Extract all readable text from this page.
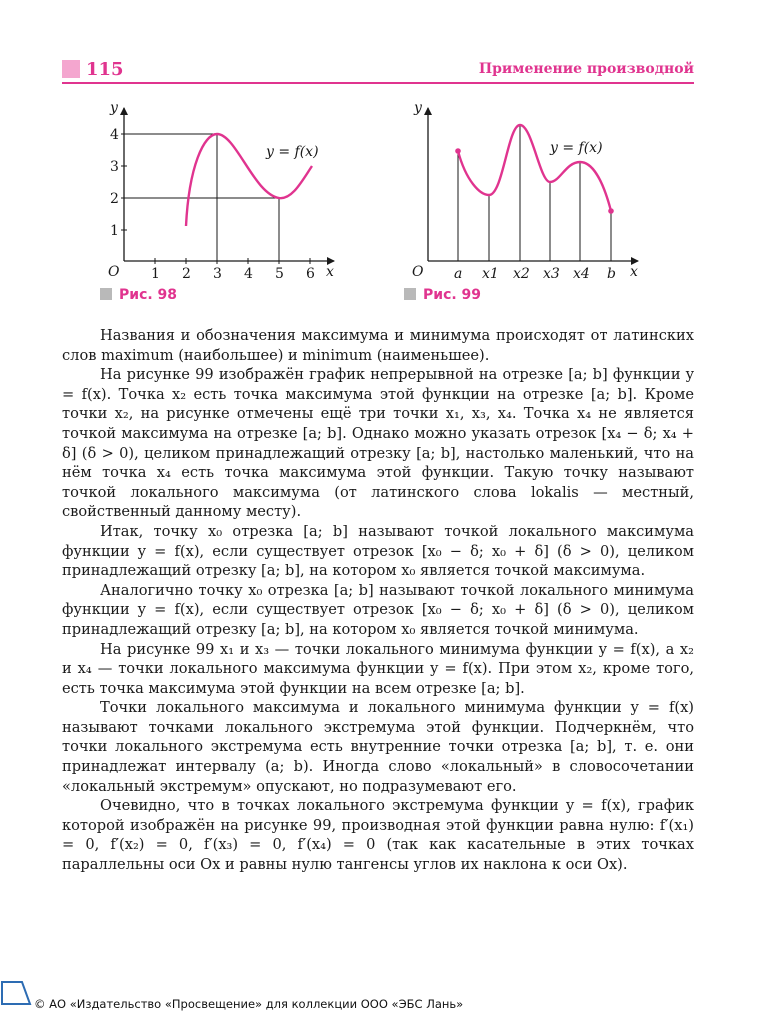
115	Применение производной
y
x
O 1 2 3 4 5 6
1
2
3
4
y = f(x)
Рис. 98
y
x
O a x1 x2 x3 x4 b
y = f(x)
Рис. 99

Названия и обозначения максимума и минимума происходят от латинских слов maximum (наибольшее) и minimum (наименьшее).

На рисунке 99 изображён график непрерывной на отрезке [a; b] функции y = f(x). Точка x₂ есть точка максимума этой функции на отрезке [a; b]. Кроме точки x₂, на рисунке отмечены ещё три точки x₁, x₃, x₄. Точка x₄ не является точкой максимума на отрезке [a; b]. Однако можно указать отрезок [x₄ − δ; x₄ + δ] (δ > 0), целиком принадлежащий отрезку [a; b], настолько маленький, что на нём точка x₄ есть точка максимума этой функции. Такую точку называют точкой локального максимума (от латинского слова lokalis — местный, свойственный данному месту).

Итак, точку x₀ отрезка [a; b] называют точкой локального максимума функции y = f(x), если существует отрезок [x₀ − δ; x₀ + δ] (δ > 0), целиком принадлежащий отрезку [a; b], на котором x₀ является точкой максимума.

Аналогично точку x₀ отрезка [a; b] называют точкой локального минимума функции y = f(x), если существует отрезок [x₀ − δ; x₀ + δ] (δ > 0), целиком принадлежащий отрезку [a; b], на котором x₀ является точкой минимума.

На рисунке 99 x₁ и x₃ — точки локального минимума функции y = f(x), а x₂ и x₄ — точки локального максимума функции y = f(x). При этом x₂, кроме того, есть точка максимума этой функции на всем отрезке [a; b].

Точки локального максимума и локального минимума функции y = f(x) называют точками локального экстремума этой функции. Подчеркнём, что точки локального экстремума есть внутренние точки отрезка [a; b], т. е. они принадлежат интервалу (a; b). Иногда слово «локальный» в словосочетании «локальный экстремум» опускают, но подразумевают его.

Очевидно, что в точках локального экстремума функции y = f(x), график которой изображён на рисунке 99, производная этой функции равна нулю: f′(x₁) = 0, f′(x₂) = 0, f′(x₃) = 0, f′(x₄) = 0 (так как касательные в этих точках параллельны оси Ox и равны нулю тангенсы углов их наклона к оси Ox).

© АО «Издательство «Просвещение» для коллекции ООО «ЭБС Лань»
